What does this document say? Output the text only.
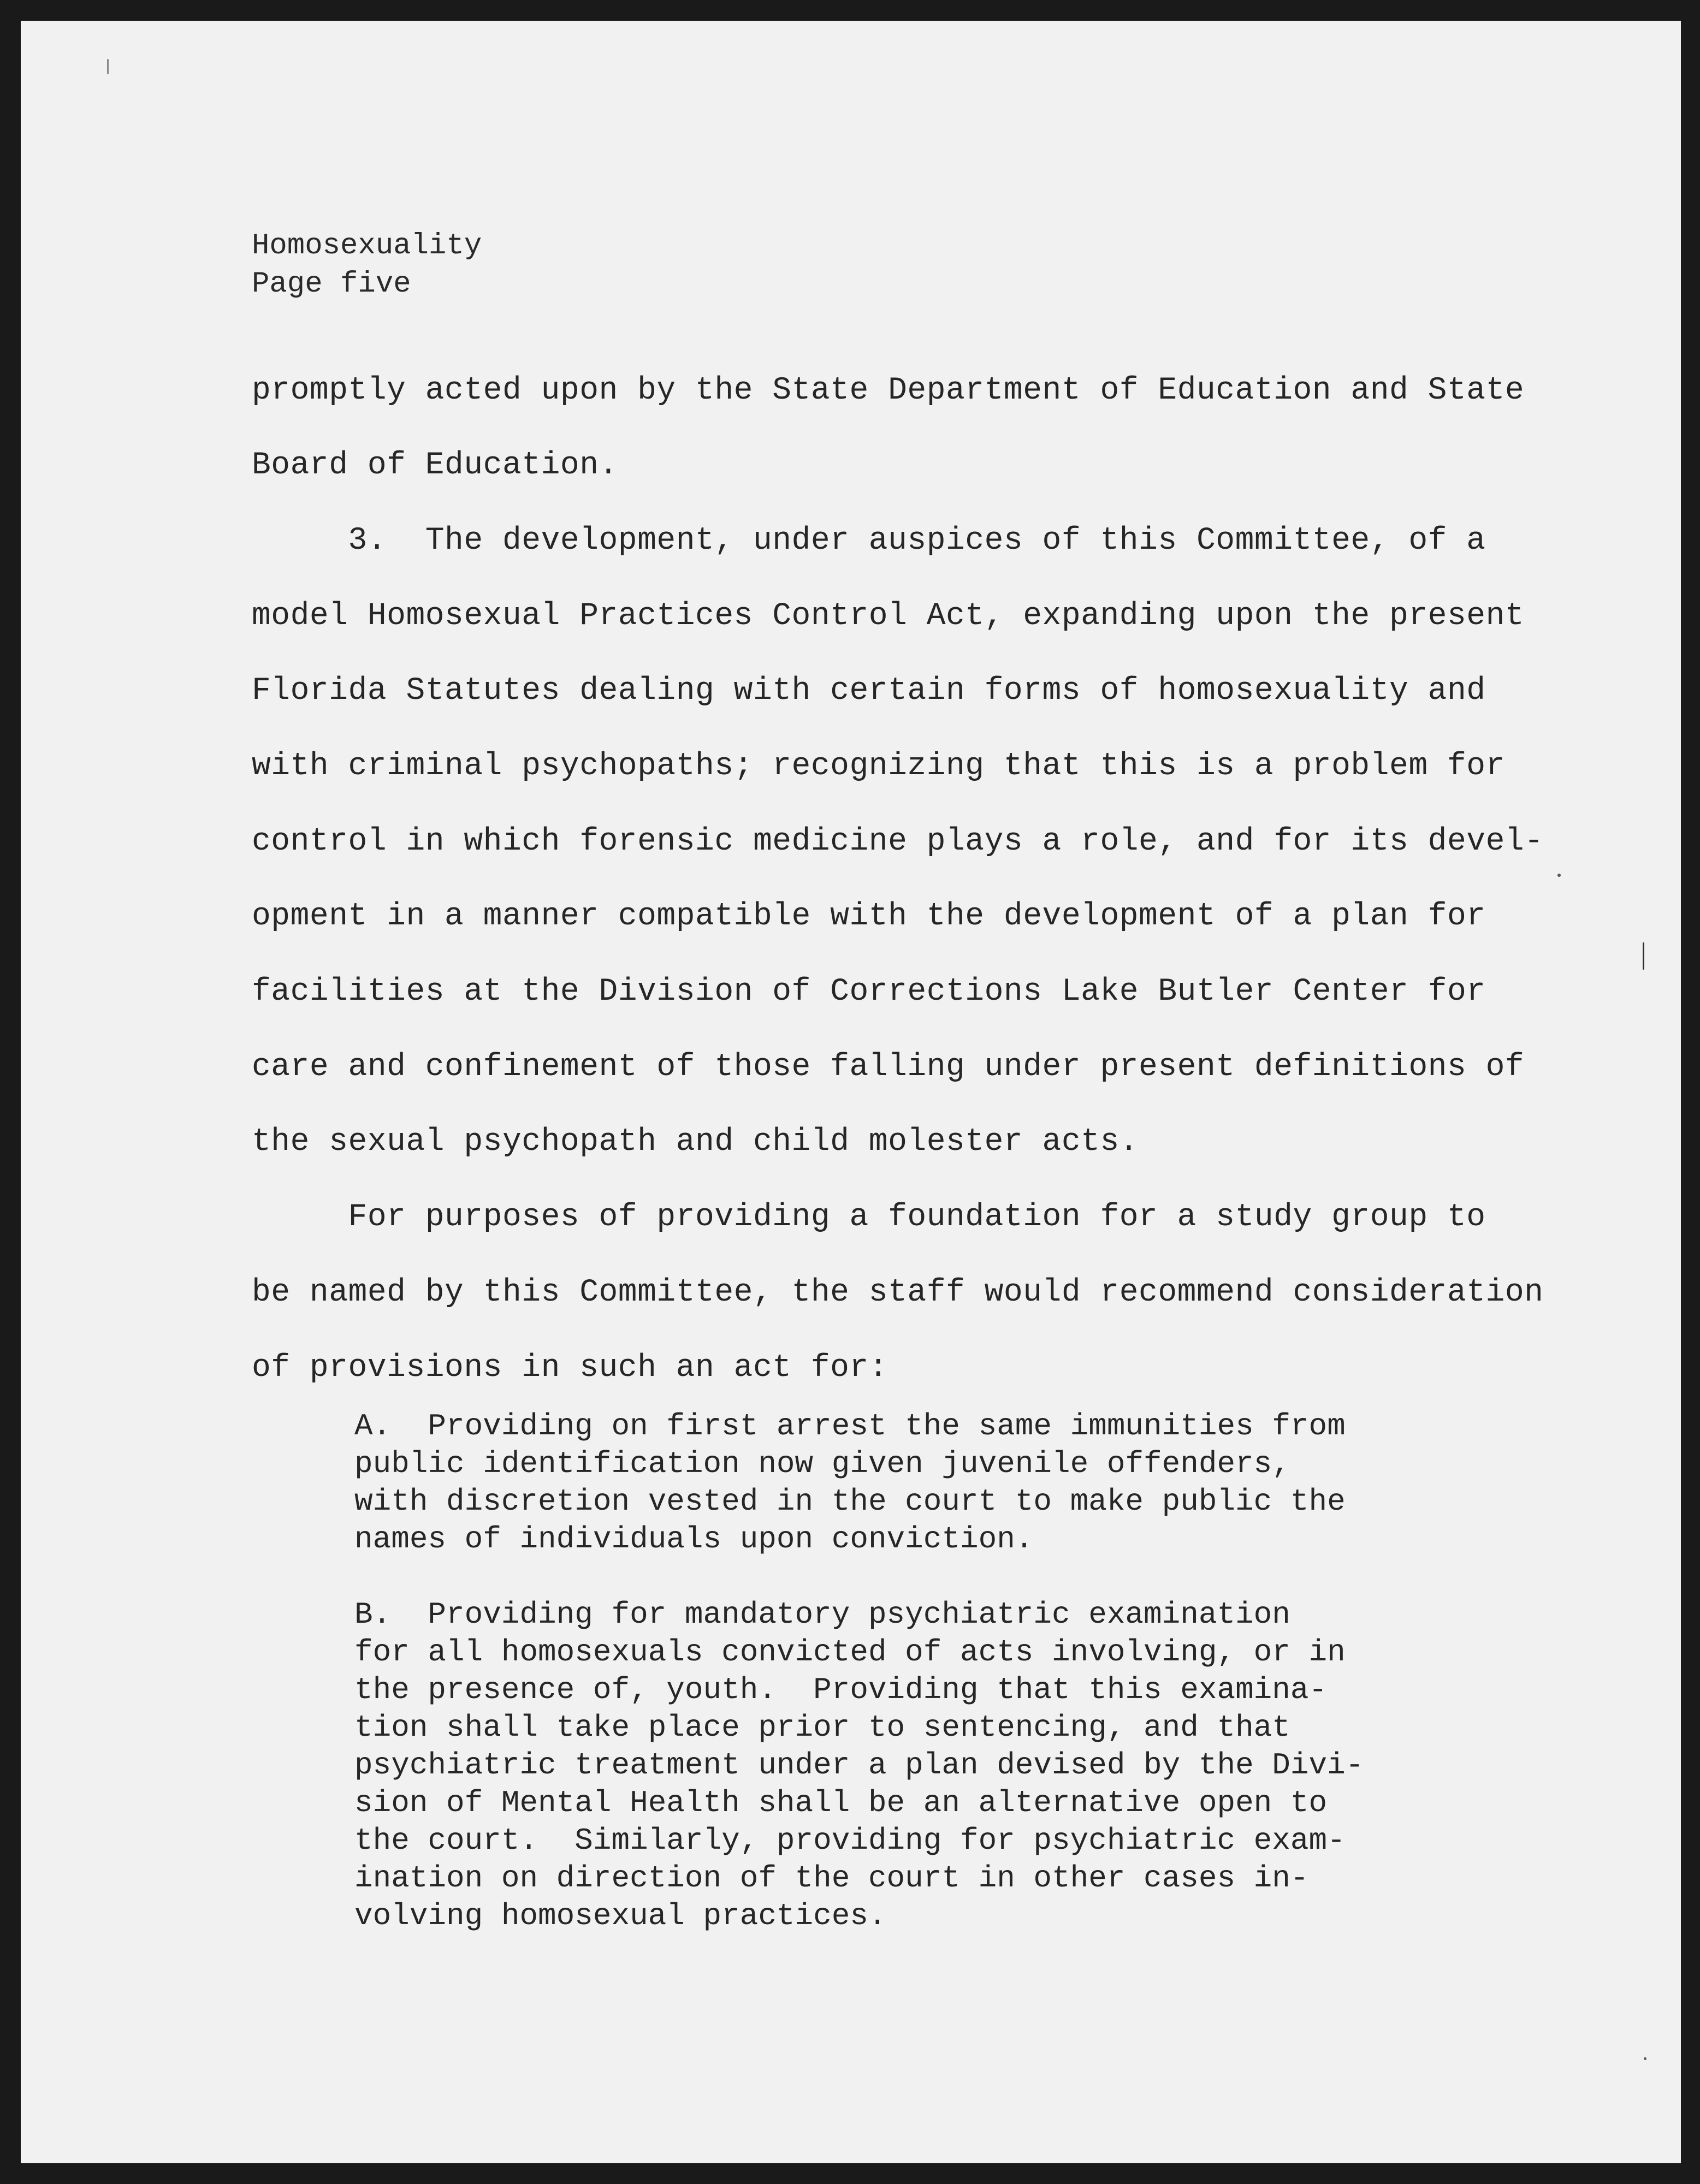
Homosexuality
Page five
promptly acted upon by the State Department of Education and State
Board of Education.
3.  The development, under auspices of this Committee, of a
model Homosexual Practices Control Act, expanding upon the present
Florida Statutes dealing with certain forms of homosexuality and
with criminal psychopaths; recognizing that this is a problem for
control in which forensic medicine plays a role, and for its devel-
opment in a manner compatible with the development of a plan for
facilities at the Division of Corrections Lake Butler Center for
care and confinement of those falling under present definitions of
the sexual psychopath and child molester acts.
For purposes of providing a foundation for a study group to
be named by this Committee, the staff would recommend consideration
of provisions in such an act for:
A.  Providing on first arrest the same immunities from
public identification now given juvenile offenders,
with discretion vested in the court to make public the
names of individuals upon conviction.
B.  Providing for mandatory psychiatric examination
for all homosexuals convicted of acts involving, or in
the presence of, youth.  Providing that this examina-
tion shall take place prior to sentencing, and that
psychiatric treatment under a plan devised by the Divi-
sion of Mental Health shall be an alternative open to
the court.  Similarly, providing for psychiatric exam-
ination on direction of the court in other cases in-
volving homosexual practices.
